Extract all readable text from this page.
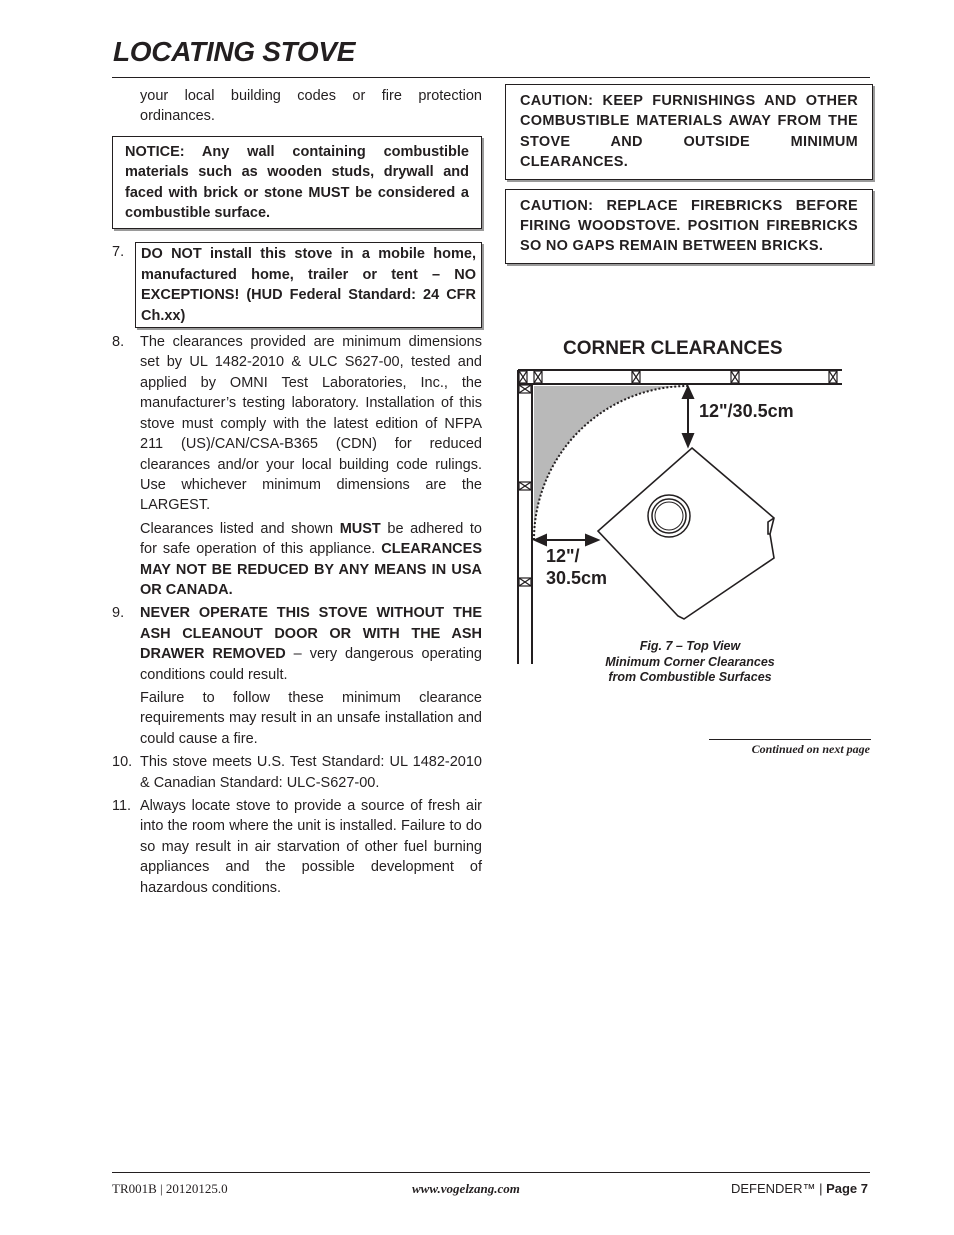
LOCATING STOVE

your local building codes or fire protection ordinances.

NOTICE: Any wall containing combustible materials such as wooden studs, drywall and faced with brick or stone MUST be considered a combustible surface.
7.	DO NOT install this stove in a mobile home, manufactured home, trailer or tent – NO EXCEPTIONS! (HUD Federal Standard: 24 CFR Ch.xx)
8.	The clearances provided are minimum dimensions set by UL 1482-2010 & ULC S627-00, tested and applied by OMNI Test Laboratories, Inc., the manufacturer’s testing laboratory. Installation of this stove must comply with the latest edition of NFPA 211 (US)/CAN/CSA-B365 (CDN) for reduced clearances and/or your local building code rulings. Use whichever minimum dimensions are the LARGEST.

Clearances listed and shown MUST be adhered to for safe operation of this appliance. CLEARANCES MAY NOT BE REDUCED BY ANY MEANS IN USA OR CANADA.

9.	NEVER OPERATE THIS STOVE WITHOUT THE ASH CLEANOUT DOOR OR WITH THE ASH DRAWER REMOVED – very dangerous operating conditions could result.

Failure to follow these minimum clearance requirements may result in an unsafe installation and could cause a fire.

10. This stove meets U.S. Test Standard: UL 1482-2010 & Canadian Standard: ULC-S627-00.
11. Always locate stove to provide a source of fresh air into the room where the unit is installed. Failure to do so may result in air starvation of other fuel burning appliances and the possible development of hazardous conditions.
CAUTION: KEEP FURNISHINGS AND OTHER COMBUSTIBLE MATERIALS AWAY FROM THE STOVE AND OUTSIDE MINIMUM CLEARANCES.
CAUTION: REPLACE FIREBRICKS BEFORE FIRING WOODSTOVE. POSITION FIREBRICKS SO NO GAPS REMAIN BETWEEN BRICKS.
CORNER CLEARANCES
12"/30.5cm
12"/
30.5cm
Fig. 7 – Top View
Minimum Corner Clearances
from Combustible Surfaces
Continued on next page
TR001B | 20120125.0	www.vogelzang.com	DEFENDER™ | Page 7
